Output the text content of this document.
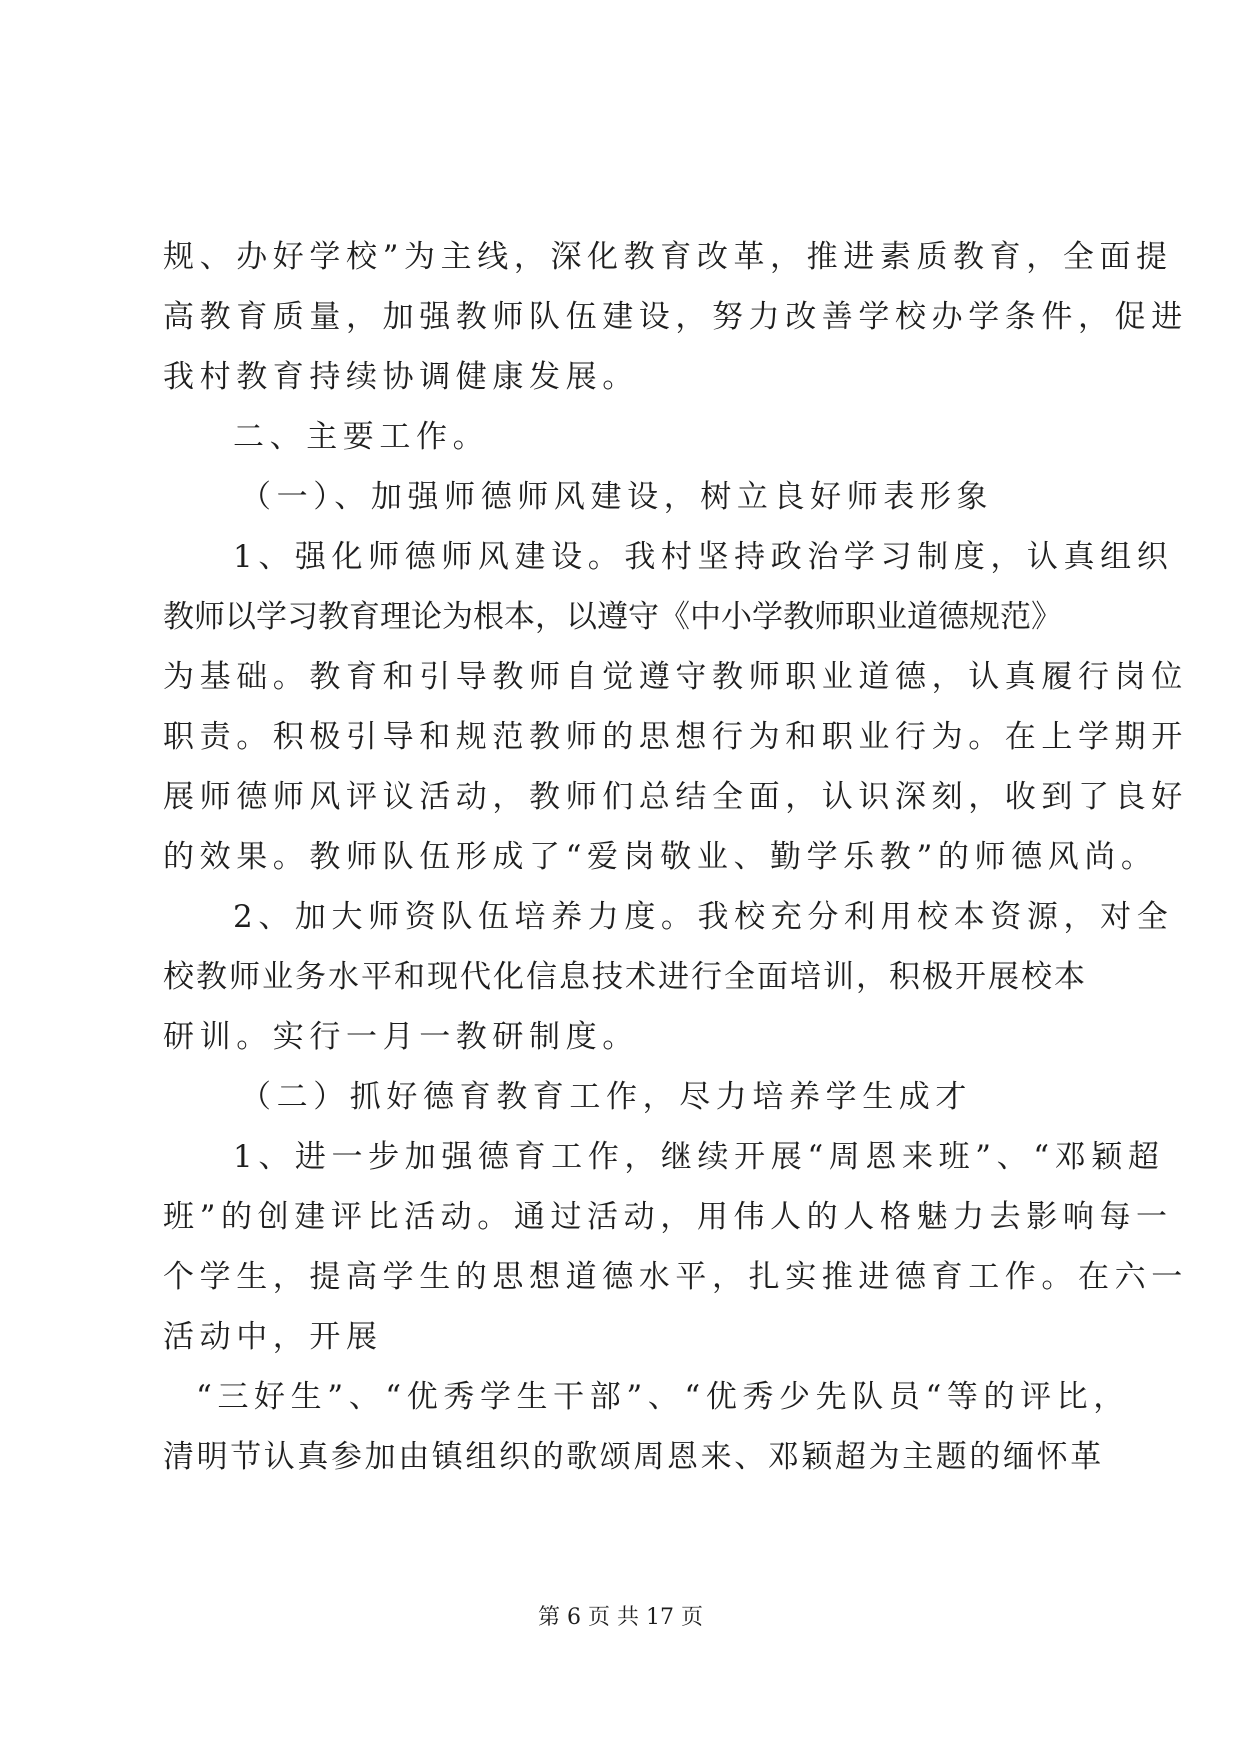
规、办好学校”为主线，深化教育改革，推进素质教育，全面提
高教育质量，加强教师队伍建设，努力改善学校办学条件，促进
我村教育持续协调健康发展。
二、主要工作。
（一）、加强师德师风建设，树立良好师表形象
1、强化师德师风建设。我村坚持政治学习制度，认真组织
教师以学习教育理论为根本，以遵守《中小学教师职业道德规范》
为基础。教育和引导教师自觉遵守教师职业道德，认真履行岗位
职责。积极引导和规范教师的思想行为和职业行为。在上学期开
展师德师风评议活动，教师们总结全面，认识深刻，收到了良好
的效果。教师队伍形成了“爱岗敬业、勤学乐教”的师德风尚。
2、加大师资队伍培养力度。我校充分利用校本资源，对全
校教师业务水平和现代化信息技术进行全面培训，积极开展校本
研训。实行一月一教研制度。
（二）抓好德育教育工作，尽力培养学生成才
1、进一步加强德育工作，继续开展“周恩来班”、“邓颖超
班”的创建评比活动。通过活动，用伟人的人格魅力去影响每一
个学生，提高学生的思想道德水平，扎实推进德育工作。在六一
活动中，开展
“三好生”、“优秀学生干部”、“优秀少先队员“等的评比，
清明节认真参加由镇组织的歌颂周恩来、邓颖超为主题的缅怀革
第 6 页 共 17 页
